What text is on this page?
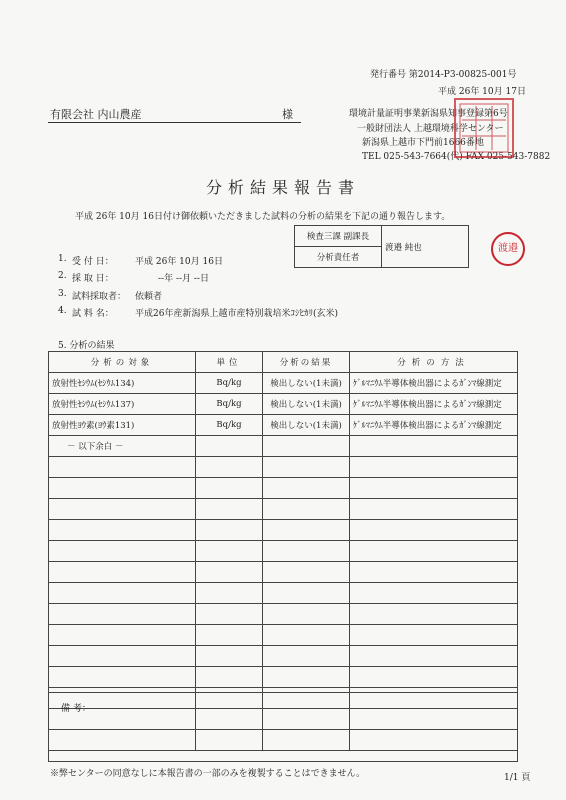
発行番号 第2014-P3-00825-001号
平成 26年 10月 17日
有限会社 内山農産	様	環境計量証明事業新潟県知事登録第6号
一般財団法人 上越環境科学センター
新潟県上越市下門前1666番地
TEL 025-543-7664(代) FAX 025-543-7882
分析結果報告書
平成 26年 10月 16日付け御依頼いただきました試料の分析の結果を下記の通り報告します。
検査三課 副課長	渡邉 純也
分析責任者
渡邉
1. 受 付 日： 平成 26年 10月 16日
2. 採 取 日：	--年 --月 --日
3. 試料採取者： 依頼者
4. 試 料 名： 平成26年産新潟県上越市産特別栽培米ｺｼﾋｶﾘ(玄米)
5. 分析の結果
分析の対象	単位	分析の結果	分析の方法
放射性ｾｼｳﾑ(ｾｼｳﾑ134)	Bq/kg	検出しない(1未満)	ｹﾞﾙﾏﾆｳﾑ半導体検出器によるｶﾞﾝﾏ線測定
放射性ｾｼｳﾑ(ｾｼｳﾑ137)	Bq/kg	検出しない(1未満)	ｹﾞﾙﾏﾆｳﾑ半導体検出器によるｶﾞﾝﾏ線測定
放射性ﾖｳ素(ﾖｳ素131)	Bq/kg	検出しない(1未満)	ｹﾞﾙﾏﾆｳﾑ半導体検出器によるｶﾞﾝﾏ線測定
－ 以下余白 －			

備 考：
※弊センターの同意なしに本報告書の一部のみを複製することはできません。	1/1 頁
